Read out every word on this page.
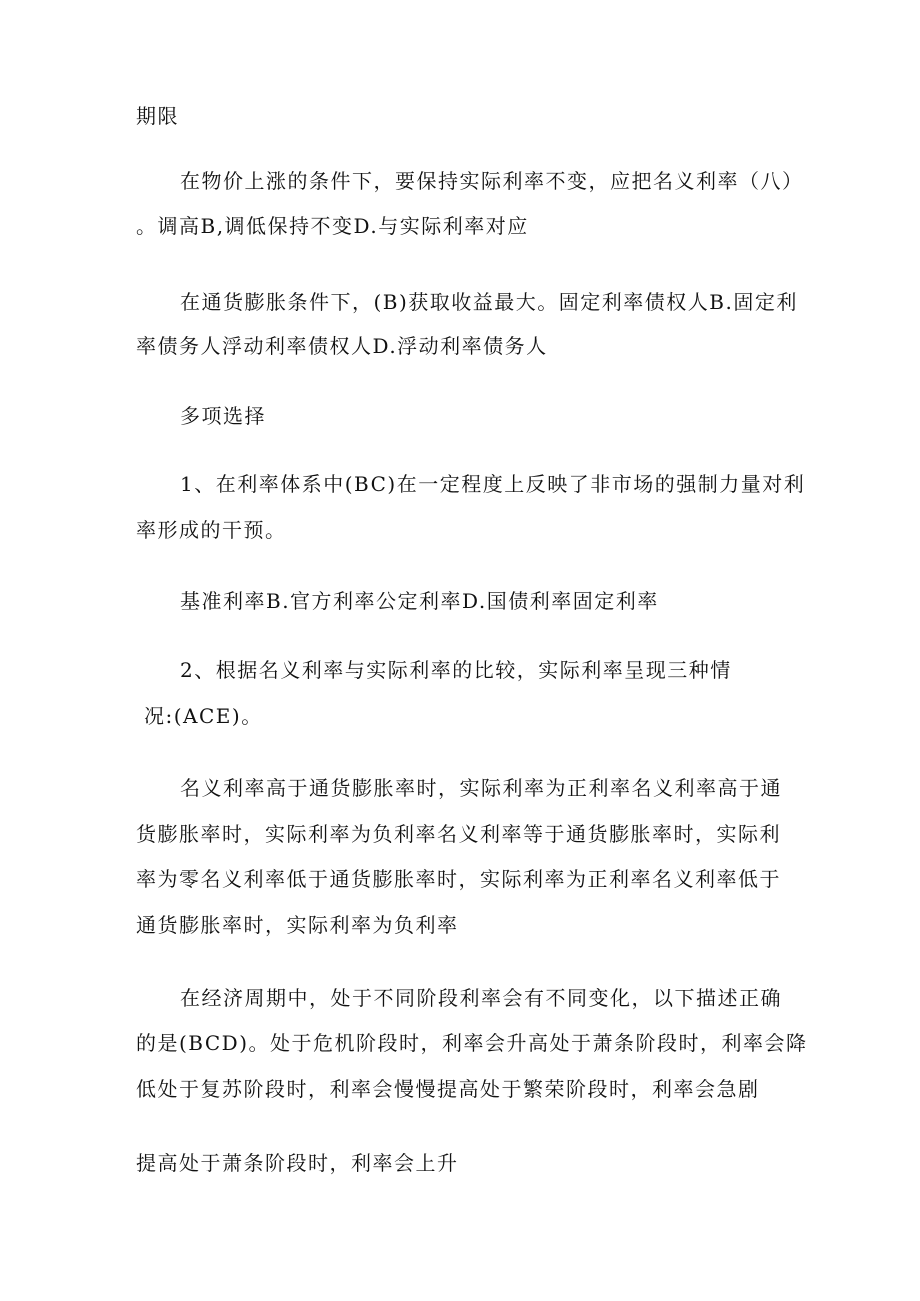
期限
在物价上涨的条件下，要保持实际利率不变，应把名义利率（八）
。调高B,调低保持不变D.与实际利率对应
在通货膨胀条件下，(B)获取收益最大。固定利率债权人B.固定利
率债务人浮动利率债权人D.浮动利率债务人
多项选择
1、在利率体系中(BC)在一定程度上反映了非市场的强制力量对利
率形成的干预。
基准利率B.官方利率公定利率D.国债利率固定利率
2、根据名义利率与实际利率的比较，实际利率呈现三种情
况:(ACE)。
名义利率高于通货膨胀率时，实际利率为正利率名义利率高于通
货膨胀率时，实际利率为负利率名义利率等于通货膨胀率时，实际利
率为零名义利率低于通货膨胀率时，实际利率为正利率名义利率低于
通货膨胀率时，实际利率为负利率
在经济周期中，处于不同阶段利率会有不同变化，以下描述正确
的是(BCD)。处于危机阶段时，利率会升高处于萧条阶段时，利率会降
低处于复苏阶段时，利率会慢慢提高处于繁荣阶段时，利率会急剧
提高处于萧条阶段时，利率会上升
